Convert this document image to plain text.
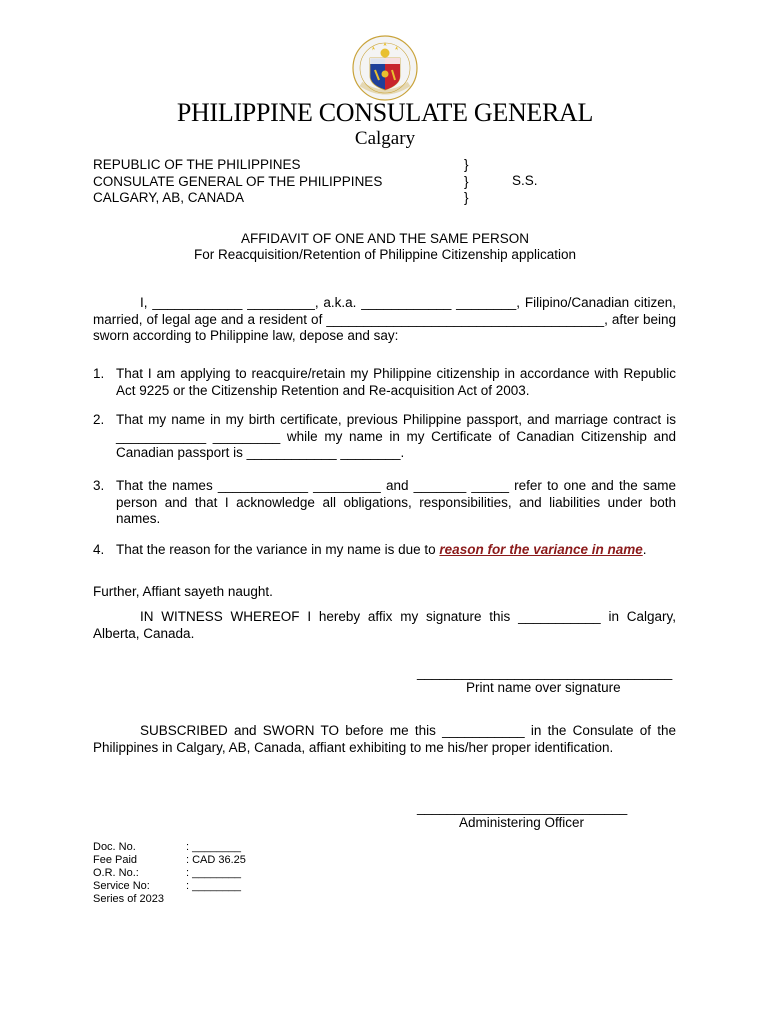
PHILIPPINE CONSULATE GENERAL
Calgary
REPUBLIC OF THE PHILIPPINES
CONSULATE GENERAL OF THE PHILIPPINES
CALGARY, AB, CANADA
}
}
}
S.S.
AFFIDAVIT OF ONE AND THE SAME PERSON
For Reacquisition/Retention of Philippine Citizenship application
I, ____________ _________, a.k.a. ____________ ________, Filipino/Canadian citizen, married, of legal age and a resident of _____________________________________, after being sworn according to Philippine law, depose and say:
1. That I am applying to reacquire/retain my Philippine citizenship in accordance with Republic Act 9225 or the Citizenship Retention and Re-acquisition Act of 2003.
2. That my name in my birth certificate, previous Philippine passport, and marriage contract is ____________ _________ while my name in my Certificate of Canadian Citizenship and Canadian passport is ____________ ________.
3. That the names ____________ _________ and _______ _____ refer to one and the same person and that I acknowledge all obligations, responsibilities, and liabilities under both names.
4. That the reason for the variance in my name is due to reason for the variance in name.
Further, Affiant sayeth naught.
IN WITNESS WHEREOF I hereby affix my signature this ___________ in Calgary, Alberta, Canada.
__________________________________
Print name over signature
SUBSCRIBED and SWORN TO before me this ___________ in the Consulate of the Philippines in Calgary, AB, Canada, affiant exhibiting to me his/her proper identification.
____________________________
Administering Officer
Doc. No.
Fee Paid
O.R. No.:
Service No:
Series of 2023
: ________
: CAD 36.25
: ________
: ________
